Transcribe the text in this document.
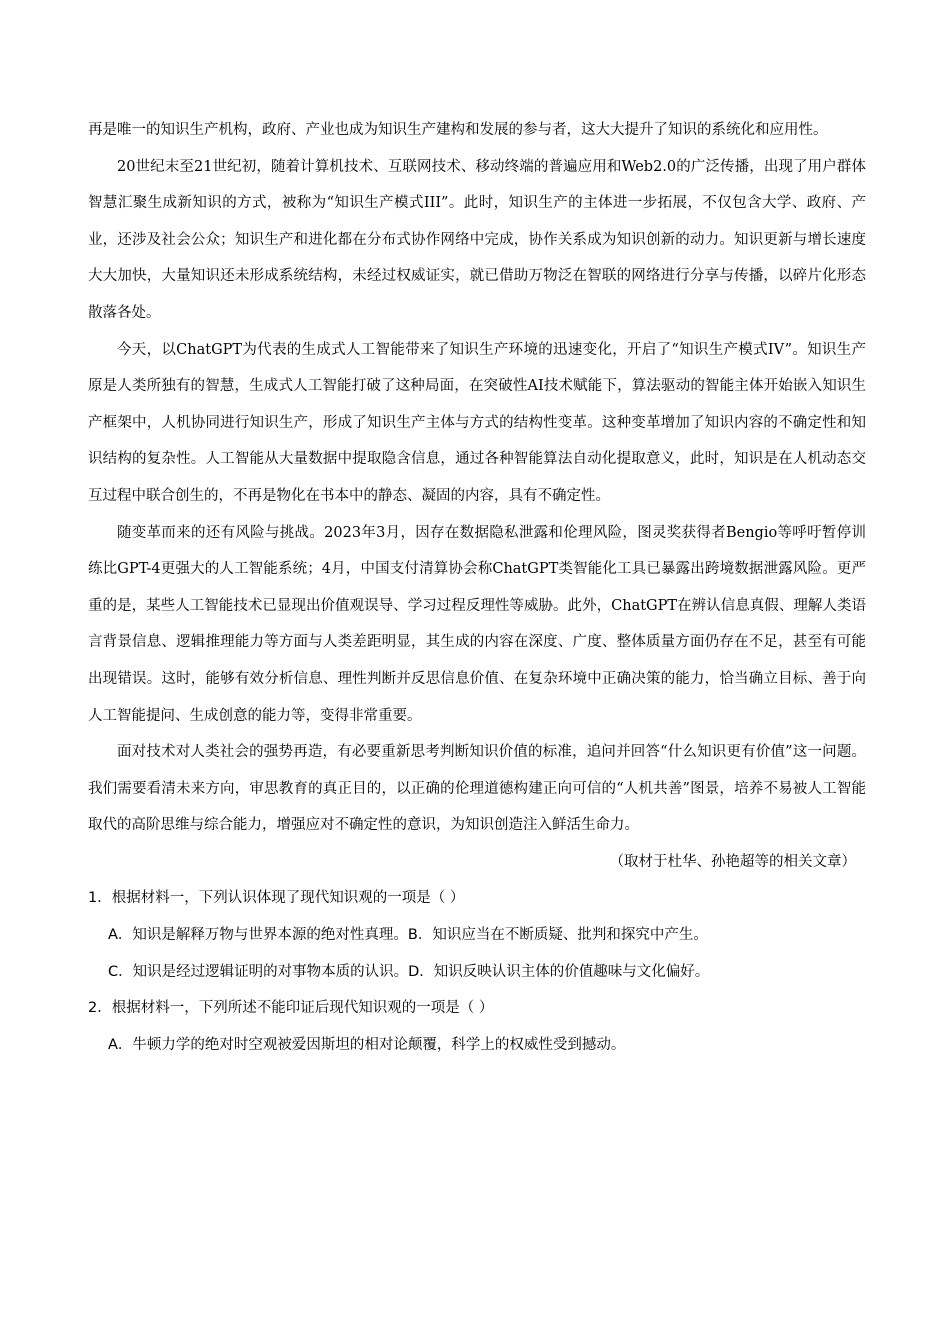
再是唯一的知识生产机构，政府、产业也成为知识生产建构和发展的参与者，这大大提升了知识的系统化和应用性。

20世纪末至21世纪初，随着计算机技术、互联网技术、移动终端的普遍应用和Web2.0的广泛传播，出现了用户群体智慧汇聚生成新知识的方式，被称为“知识生产模式III”。此时，知识生产的主体进一步拓展，不仅包含大学、政府、产业，还涉及社会公众；知识生产和进化都在分布式协作网络中完成，协作关系成为知识创新的动力。知识更新与增长速度大大加快，大量知识还未形成系统结构，未经过权威证实，就已借助万物泛在智联的网络进行分享与传播，以碎片化形态散落各处。

今天，以ChatGPT为代表的生成式人工智能带来了知识生产环境的迅速变化，开启了“知识生产模式IV”。知识生产原是人类所独有的智慧，生成式人工智能打破了这种局面，在突破性AI技术赋能下，算法驱动的智能主体开始嵌入知识生产框架中，人机协同进行知识生产，形成了知识生产主体与方式的结构性变革。这种变革增加了知识内容的不确定性和知识结构的复杂性。人工智能从大量数据中提取隐含信息，通过各种智能算法自动化提取意义，此时，知识是在人机动态交互过程中联合创生的，不再是物化在书本中的静态、凝固的内容，具有不确定性。

随变革而来的还有风险与挑战。2023年3月，因存在数据隐私泄露和伦理风险，图灵奖获得者Bengio等呼吁暂停训练比GPT-4更强大的人工智能系统；4月，中国支付清算协会称ChatGPT类智能化工具已暴露出跨境数据泄露风险。更严重的是，某些人工智能技术已显现出价值观误导、学习过程反理性等威胁。此外，ChatGPT在辨认信息真假、理解人类语言背景信息、逻辑推理能力等方面与人类差距明显，其生成的内容在深度、广度、整体质量方面仍存在不足，甚至有可能出现错误。这时，能够有效分析信息、理性判断并反思信息价值、在复杂环境中正确决策的能力，恰当确立目标、善于向人工智能提问、生成创意的能力等，变得非常重要。

面对技术对人类社会的强势再造，有必要重新思考判断知识价值的标准，追问并回答“什么知识更有价值”这一问题。我们需要看清未来方向，审思教育的真正目的，以正确的伦理道德构建正向可信的“人机共善”图景，培养不易被人工智能取代的高阶思维与综合能力，增强应对不确定性的意识，为知识创造注入鲜活生命力。

（取材于杜华、孙艳超等的相关文章）

1．根据材料一，下列认识体现了现代知识观的一项是（ ）

A．知识是解释万物与世界本源的绝对性真理。B．知识应当在不断质疑、批判和探究中产生。

C．知识是经过逻辑证明的对事物本质的认识。D．知识反映认识主体的价值趣味与文化偏好。

2．根据材料一，下列所述不能印证后现代知识观的一项是（ ）

A．牛顿力学的绝对时空观被爱因斯坦的相对论颠覆，科学上的权威性受到撼动。
